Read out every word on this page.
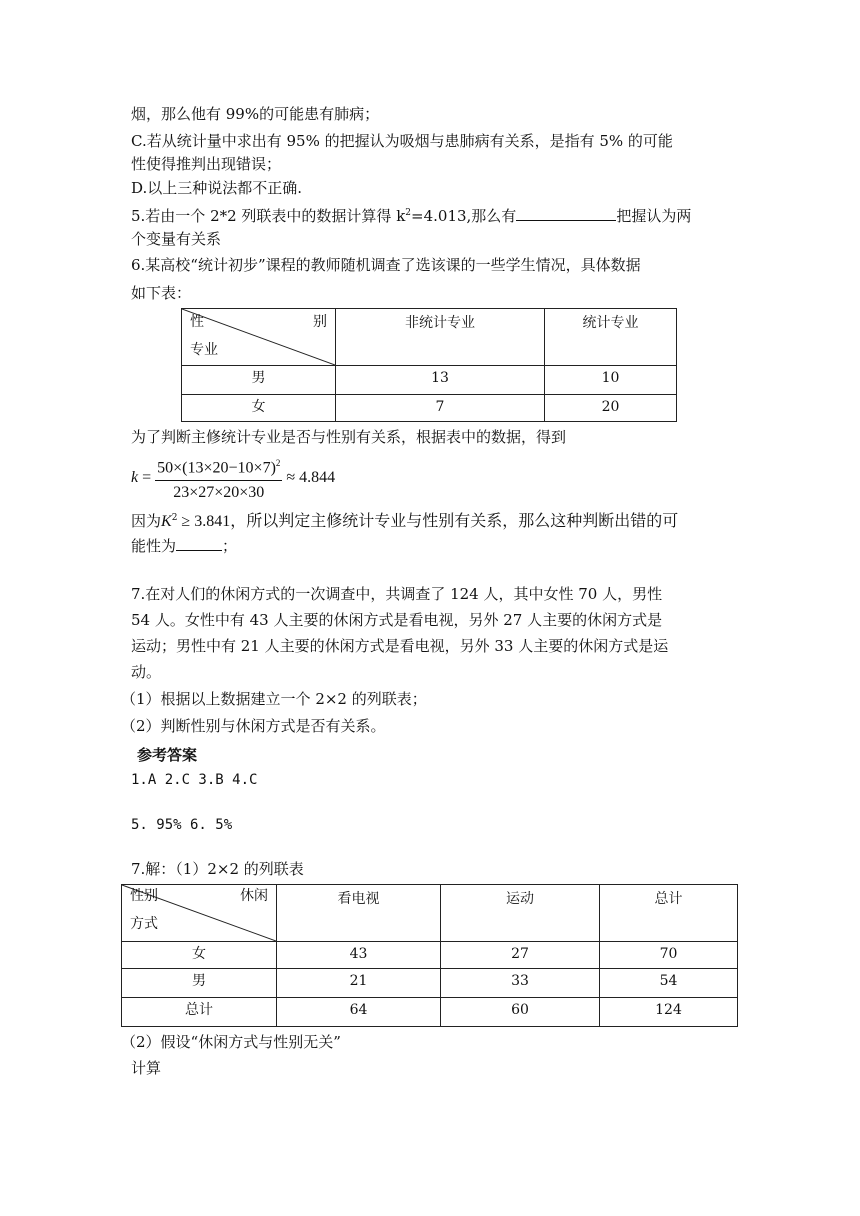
烟，那么他有 99%的可能患有肺病；
C.若从统计量中求出有 95% 的把握认为吸烟与患肺病有关系，是指有 5% 的可能
性使得推判出现错误；
D.以上三种说法都不正确.
5.若由一个 2*2 列联表中的数据计算得 $k^2=4.013$,那么有	把握认为两
个变量有关系
6.某高校“统计初步”课程的教师随机调查了选该课的一些学生情况，具体数据
如下表：
性 别
专业	非统计专业	统计专业
男	13	10
女	7	20
为了判断主修统计专业是否与性别有关系，根据表中的数据，得到
$k = \frac{50\times(13\times 20-10\times 7)^2}{23\times 27\times 20\times 30} \approx 4.844$
因为$K^2 \ge 3.841$，所以判定主修统计专业与性别有关系，那么这种判断出错的可
能性为	；
7.在对人们的休闲方式的一次调查中，共调查了 124 人，其中女性 70 人，男性
54 人。女性中有 43 人主要的休闲方式是看电视，另外 27 人主要的休闲方式是
运动；男性中有 21 人主要的休闲方式是看电视，另外 33 人主要的休闲方式是运
动。
（1）根据以上数据建立一个 2×2 的列联表；
（2）判断性别与休闲方式是否有关系。
参考答案
1.A 2.C 3.B 4.C
5. 95% 6. 5%
7.解：（1）2×2 的列联表
性别 休闲
方式	看电视	运动	总计
女	43	27	70
男	21	33	54
总计	64	60	124
（2）假设“休闲方式与性别无关”
计算
